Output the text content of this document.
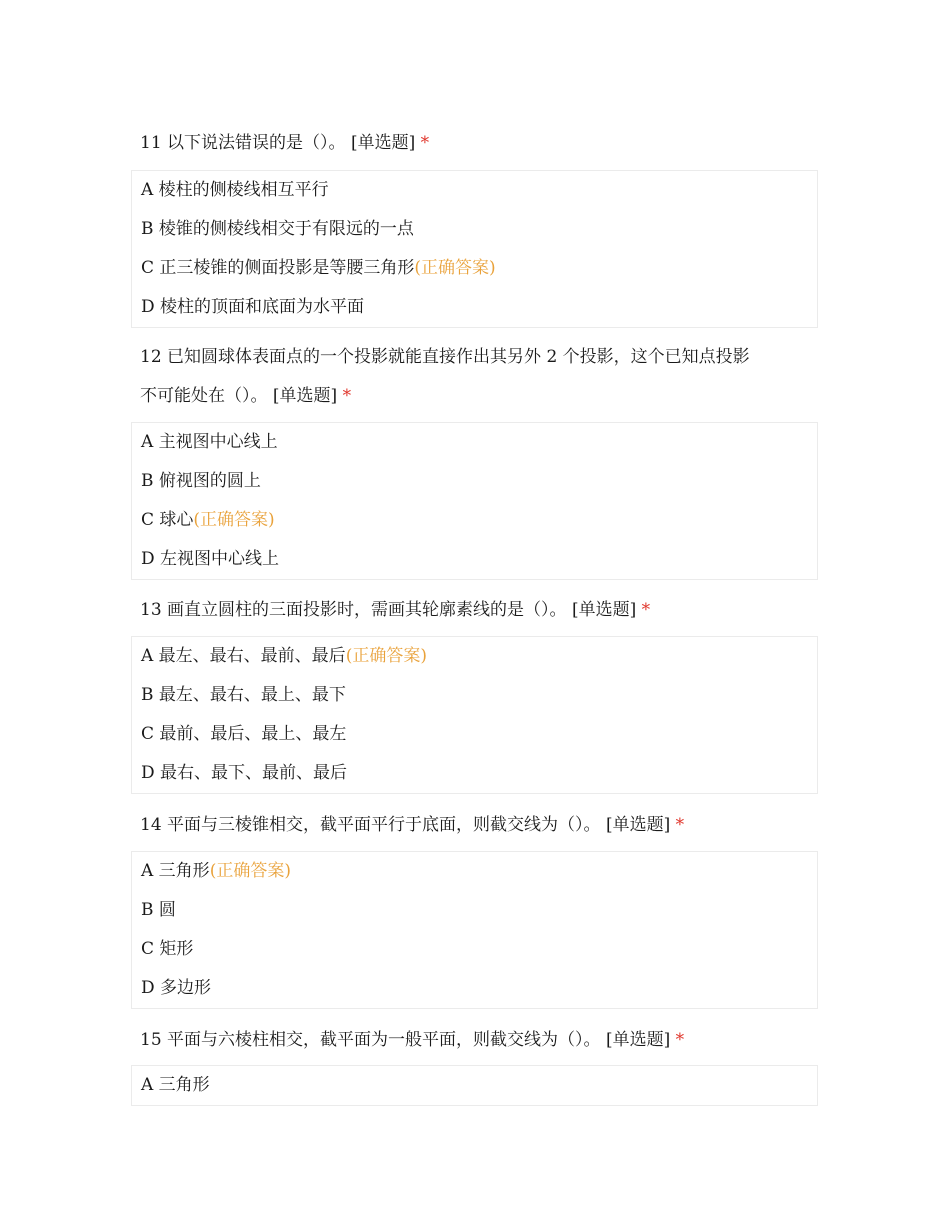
11 以下说法错误的是（）。 [单选题] *

A 棱柱的侧棱线相互平行
B 棱锥的侧棱线相交于有限远的一点
C 正三棱锥的侧面投影是等腰三角形(正确答案)
D 棱柱的顶面和底面为水平面

12 已知圆球体表面点的一个投影就能直接作出其另外 2 个投影，这个已知点投影

不可能处在（）。 [单选题] *

A 主视图中心线上
B 俯视图的圆上
C 球心(正确答案)
D 左视图中心线上

13 画直立圆柱的三面投影时，需画其轮廓素线的是（）。 [单选题] *

A 最左、最右、最前、最后(正确答案)
B 最左、最右、最上、最下
C 最前、最后、最上、最左
D 最右、最下、最前、最后

14 平面与三棱锥相交，截平面平行于底面，则截交线为（）。 [单选题] *

A 三角形(正确答案)
B 圆
C 矩形
D 多边形

15 平面与六棱柱相交，截平面为一般平面，则截交线为（）。 [单选题] *

A 三角形
